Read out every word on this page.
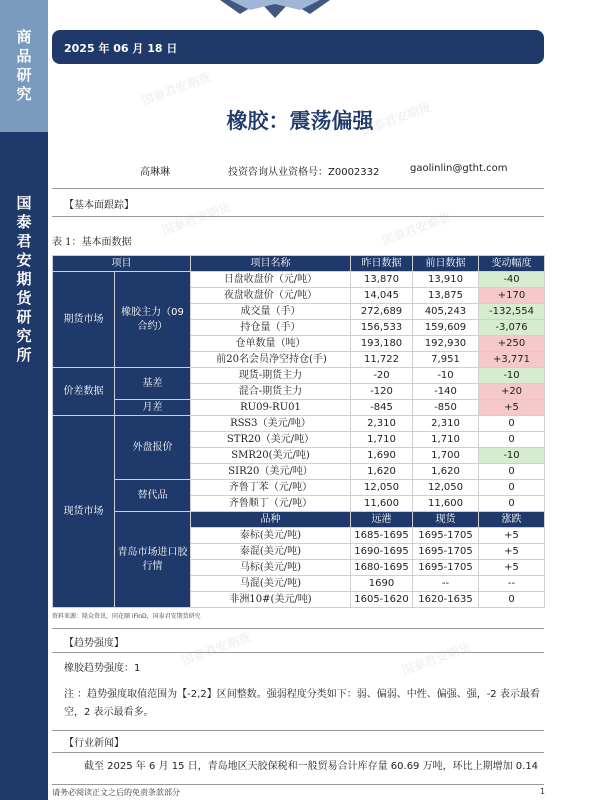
商品研究
国泰君安期货研究所
2025 年 06 月 18 日
国泰君安期货
国泰君安期货
国泰君安期货	国泰君安期货
国泰君安期货	国泰君安期货
橡胶：震荡偏强
高琳琳	投资咨询从业资格号：Z0002332	gaolinlin@gtht.com
【基本面跟踪】
表 1：基本面数据
项目		项目名称	昨日数据	前日数据	变动幅度
期货市场	橡胶主力（09合约）	日盘收盘价（元/吨）	13,870	13,910	-40
		夜盘收盘价（元/吨）	14,045	13,875	+170
		成交量（手）	272,689	405,243	-132,554
		持仓量（手）	156,533	159,609	-3,076
		仓单数量（吨）	193,180	192,930	+250
		前20名会员净空持仓(手)	11,722	7,951	+3,771
价差数据	基差	现货-期货主力	-20	-10	-10
		混合-期货主力	-120	-140	+20
	月差	RU09-RU01	-845	-850	+5
现货市场	外盘报价	RSS3（美元/吨）	2,310	2,310	0
		STR20（美元/吨）	1,710	1,710	0
		SMR20(美元/吨)	1,690	1,700	-10
		SIR20（美元/吨）	1,620	1,620	0
	替代品	齐鲁丁苯（元/吨）	12,050	12,050	0
		齐鲁顺丁（元/吨）	11,600	11,600	0
	青岛市场进口胶行情	品种	远港	现货	涨跌
		泰标(美元/吨)	1685-1695	1695-1705	+5
		泰混(美元/吨)	1690-1695	1695-1705	+5
		马标(美元/吨)	1680-1695	1695-1705	+5
		马混(美元/吨)	1690	--	--
		非洲10#(美元/吨)	1605-1620	1620-1635	0
资料来源：隆众资讯，同花顺 iFinD，国泰君安期货研究
【趋势强度】
橡胶趋势强度：1
注 ：趋势强度取值范围为【-2,2】区间整数。强弱程度分类如下：弱、偏弱、中性、偏强、强，-2 表示最看空，2 表示最看多。
【行业新闻】
截至 2025 年 6 月 15 日，青岛地区天胶保税和一般贸易合计库存量 60.69 万吨，环比上期增加 0.14
请务必阅读正文之后的免责条款部分	1
